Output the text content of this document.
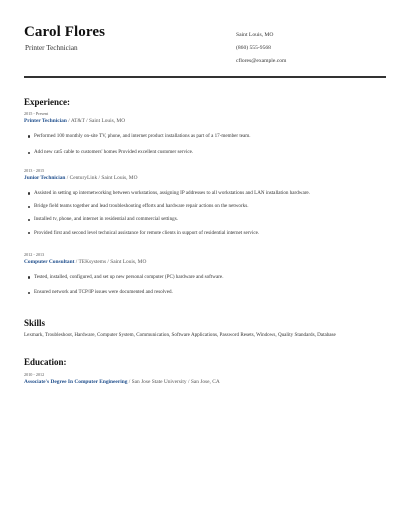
Carol Flores
Printer Technician
Saint Louis, MO
(860) 555-9568
cflores@example.com
Experience:
2015 - Present
Printer Technician / AT&T / Saint Louis, MO
Performed 100 monthly on-site TV, phone, and internet product installations as part of a 17-member team.
Add new cat5 cable to customers' homes Provided excellent customer service.
2013 - 2015
Junior Technician / CenturyLink / Saint Louis, MO
Assisted in setting up internetworking between workstations, assigning IP addresses to all workstations and LAN installation hardware.
Bridge field teams together and lead troubleshooting efforts and hardware repair actions on the networks.
Installed tv, phone, and internet in residential and commercial settings.
Provided first and second level technical assistance for remote clients in support of residential internet service.
2012 - 2013
Computer Consultant / TEKsystems / Saint Louis, MO
Tested, installed, configured, and set up new personal computer (PC) hardware and software.
Ensured network and TCP/IP issues were documented and resolved.
Skills
Lexmark, Troubleshoot, Hardware, Computer System, Communication, Software Applications, Password Resets, Windows, Quality Standards, Database
Education:
2010 - 2012
Associate's Degree In Computer Engineering / San Jose State University / San Jose, CA
